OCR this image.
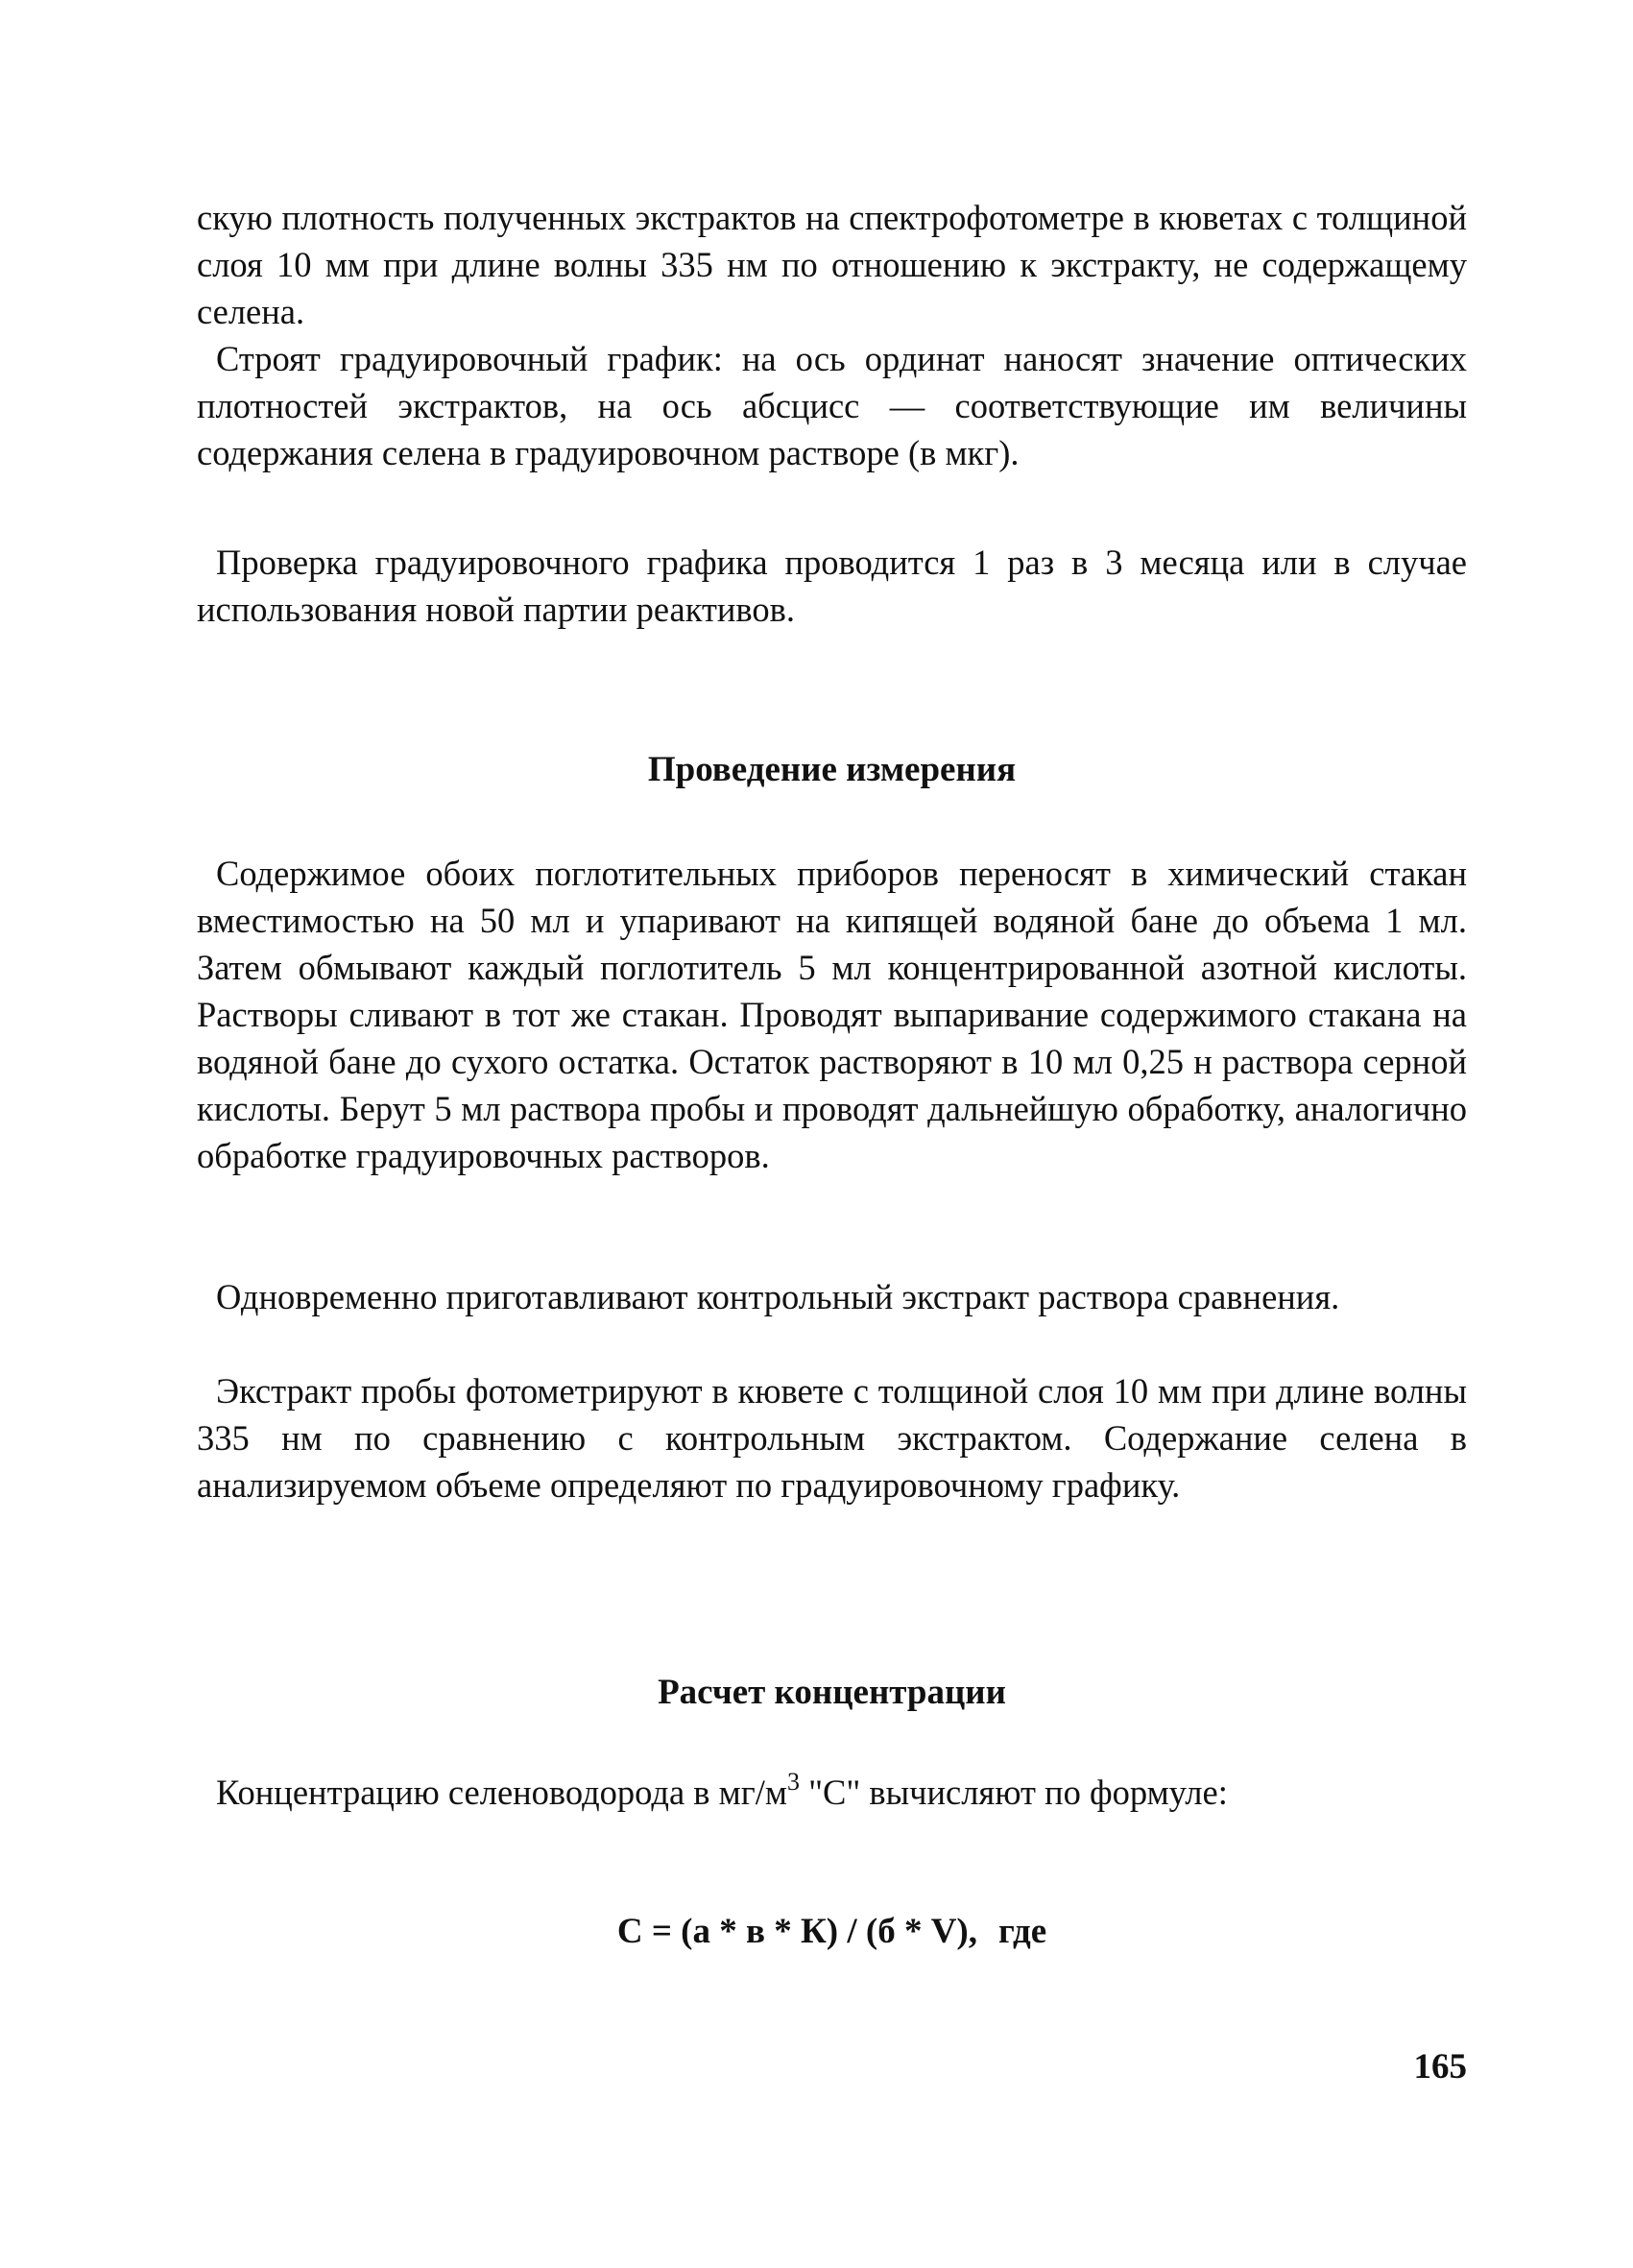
скую плотность полученных экстрактов на спектрофотометре в кюветах с толщиной слоя 10 мм при длине волны 335 нм по отношению к экстракту, не содержащему селена.

Строят градуировочный график: на ось ординат наносят значение оптических плотностей экстрактов, на ось абсцисс — соответствующие им величины содержания селена в градуировочном растворе (в мкг).

Проверка градуировочного графика проводится 1 раз в 3 месяца или в случае использования новой партии реактивов.

Проведение измерения

Содержимое обоих поглотительных приборов переносят в химический стакан вместимостью на 50 мл и упаривают на кипящей водяной бане до объема 1 мл. Затем обмывают каждый поглотитель 5 мл концентрированной азотной кислоты. Растворы сливают в тот же стакан. Проводят выпаривание содержимого стакана на водяной бане до сухого остатка. Остаток растворяют в 10 мл 0,25 н раствора серной кислоты. Берут 5 мл раствора пробы и проводят дальнейшую обработку, аналогично обработке градуировочных растворов.

Одновременно приготавливают контрольный экстракт раствора сравнения.

Экстракт пробы фотометрируют в кювете с толщиной слоя 10 мм при длине волны 335 нм по сравнению с контрольным экстрактом. Содержание селена в анализируемом объеме определяют по градуировочному графику.

Расчет концентрации

Концентрацию селеноводорода в $мг/м^3$ "С" вычисляют по формуле:

С = (а * в * К) / (б * V), где

165
